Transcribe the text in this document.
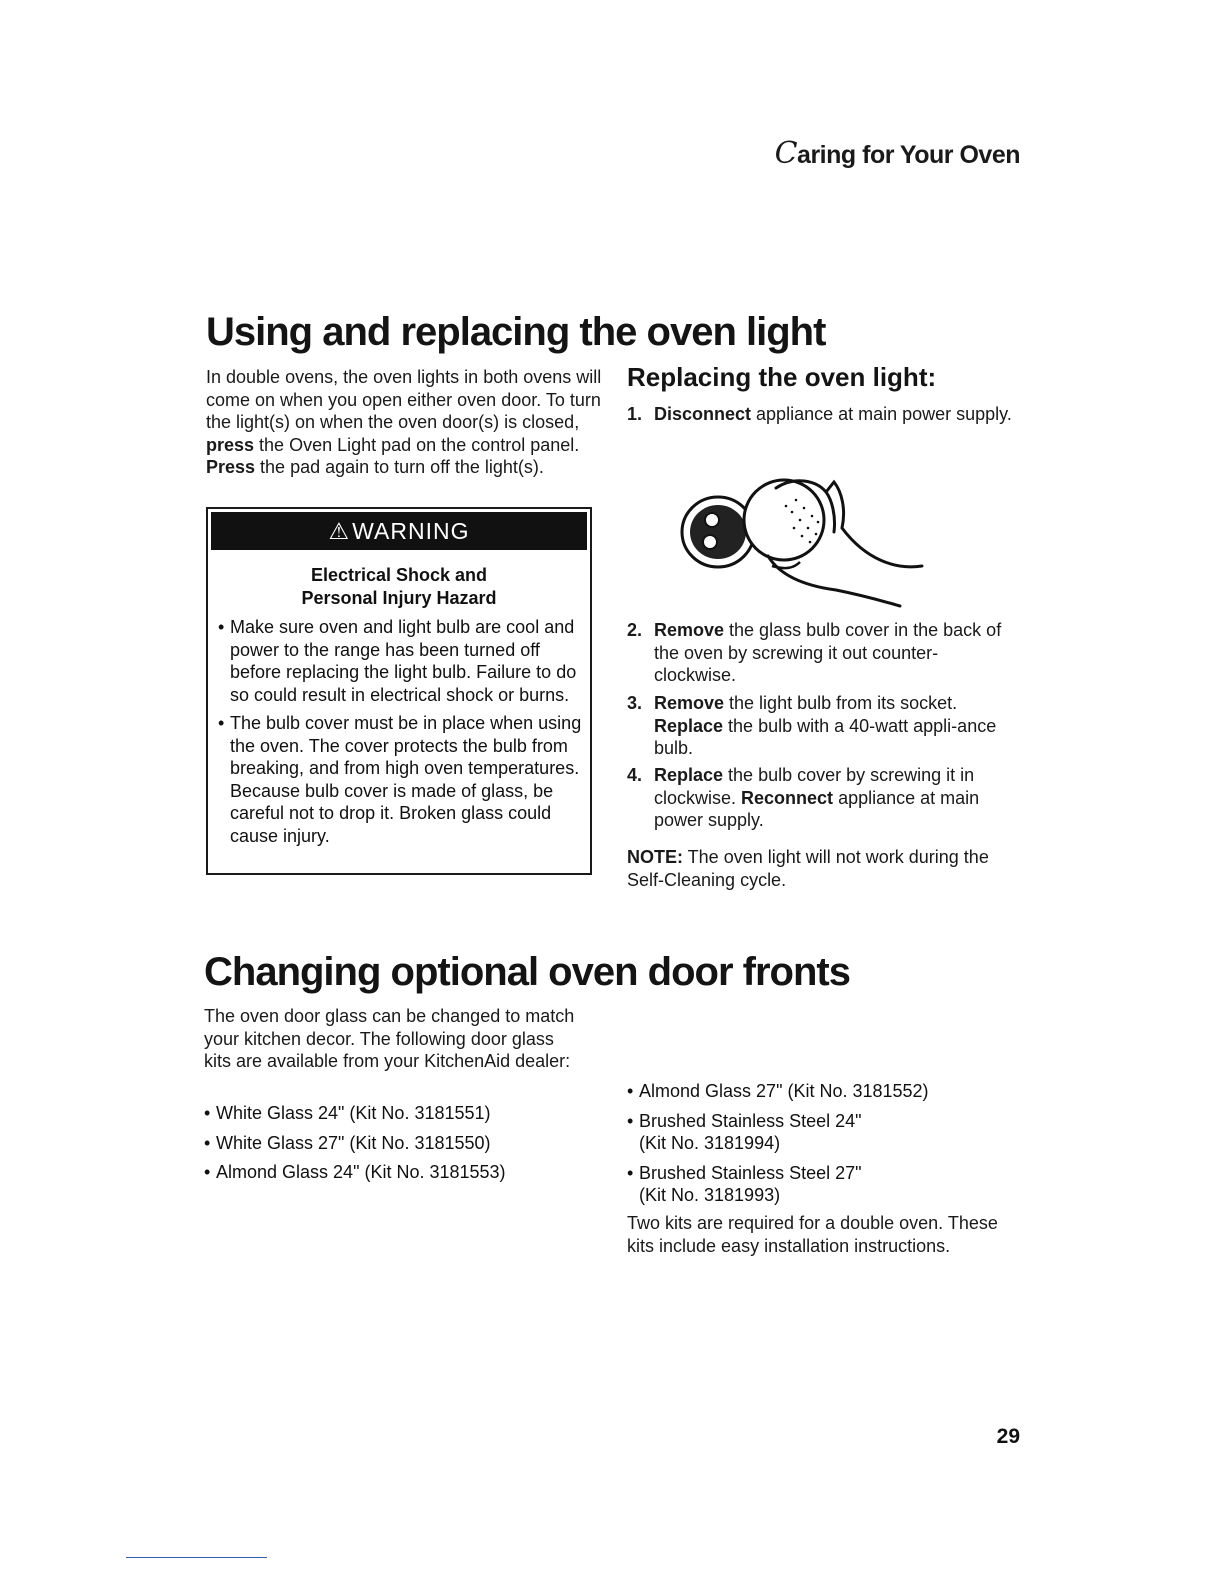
Caring for Your Oven
Using and replacing the oven light
In double ovens, the oven lights in both ovens will come on when you open either oven door. To turn the light(s) on when the oven door(s) is closed, press the Oven Light pad on the control panel. Press the pad again to turn off the light(s).
⚠ WARNING
Electrical Shock and
Personal Injury Hazard
• Make sure oven and light bulb are cool and power to the range has been turned off before replacing the light bulb. Failure to do so could result in electrical shock or burns.
• The bulb cover must be in place when using the oven. The cover protects the bulb from breaking, and from high oven temperatures. Because bulb cover is made of glass, be careful not to drop it. Broken glass could cause injury.
Replacing the oven light:
1. Disconnect appliance at main power supply.
2. Remove the glass bulb cover in the back of the oven by screwing it out counter-clockwise.
3. Remove the light bulb from its socket. Replace the bulb with a 40-watt appli-ance bulb.
4. Replace the bulb cover by screwing it in clockwise. Reconnect appliance at main power supply.
NOTE: The oven light will not work during the Self-Cleaning cycle.
Changing optional oven door fronts
The oven door glass can be changed to match your kitchen decor. The following door glass kits are available from your KitchenAid dealer:
• White Glass 24" (Kit No. 3181551)
• White Glass 27" (Kit No. 3181550)
• Almond Glass 24" (Kit No. 3181553)
• Almond Glass 27" (Kit No. 3181552)
• Brushed Stainless Steel 24" (Kit No. 3181994)
• Brushed Stainless Steel 27" (Kit No. 3181993)
Two kits are required for a double oven. These kits include easy installation instructions.
29
